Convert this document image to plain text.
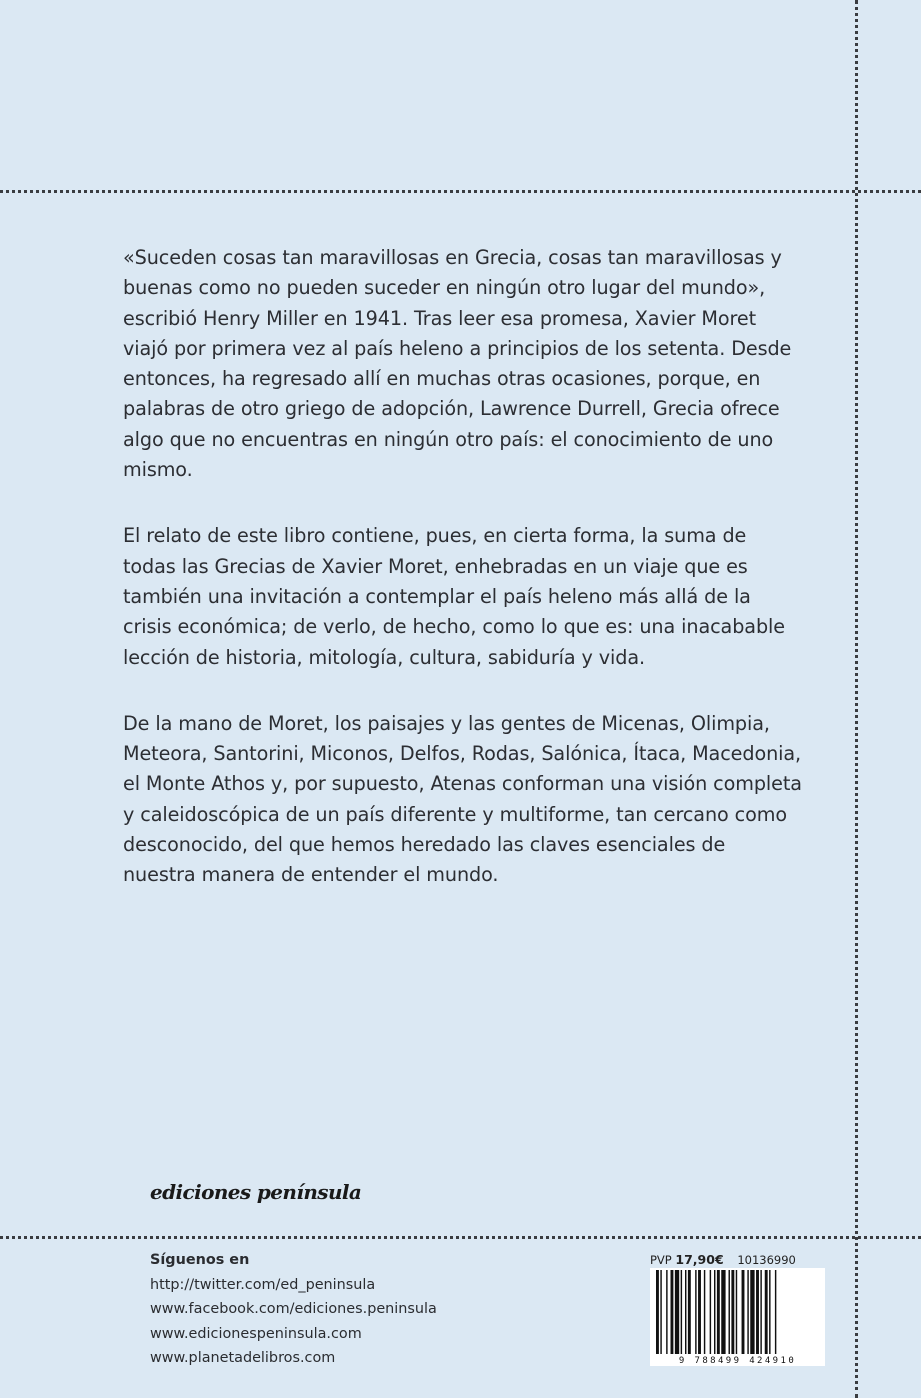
«Suceden cosas tan maravillosas en Grecia, cosas tan maravillosas y buenas como no pueden suceder en ningún otro lugar del mundo», escribió Henry Miller en 1941. Tras leer esa promesa, Xavier Moret viajó por primera vez al país heleno a principios de los setenta. Desde entonces, ha regresado allí en muchas otras ocasiones, porque, en palabras de otro griego de adopción, Lawrence Durrell, Grecia ofrece algo que no encuentras en ningún otro país: el conocimiento de uno mismo.

El relato de este libro contiene, pues, en cierta forma, la suma de todas las Grecias de Xavier Moret, enhebradas en un viaje que es también una invitación a contemplar el país heleno más allá de la crisis económica; de verlo, de hecho, como lo que es: una inacabable lección de historia, mitología, cultura, sabiduría y vida.

De la mano de Moret, los paisajes y las gentes de Micenas, Olimpia, Meteora, Santorini, Miconos, Delfos, Rodas, Salónica, Ítaca, Macedonia, el Monte Athos y, por supuesto, Atenas conforman una visión completa y caleidoscópica de un país diferente y multiforme, tan cercano como desconocido, del que hemos heredado las claves esenciales de nuestra manera de entender el mundo.

ediciones península
Síguenos en
http://twitter.com/ed_peninsula
www.facebook.com/ediciones.peninsula
www.edicionespeninsula.com
www.planetadelibros.com
PVP 17,90€ 10136990
9 788499 424910
